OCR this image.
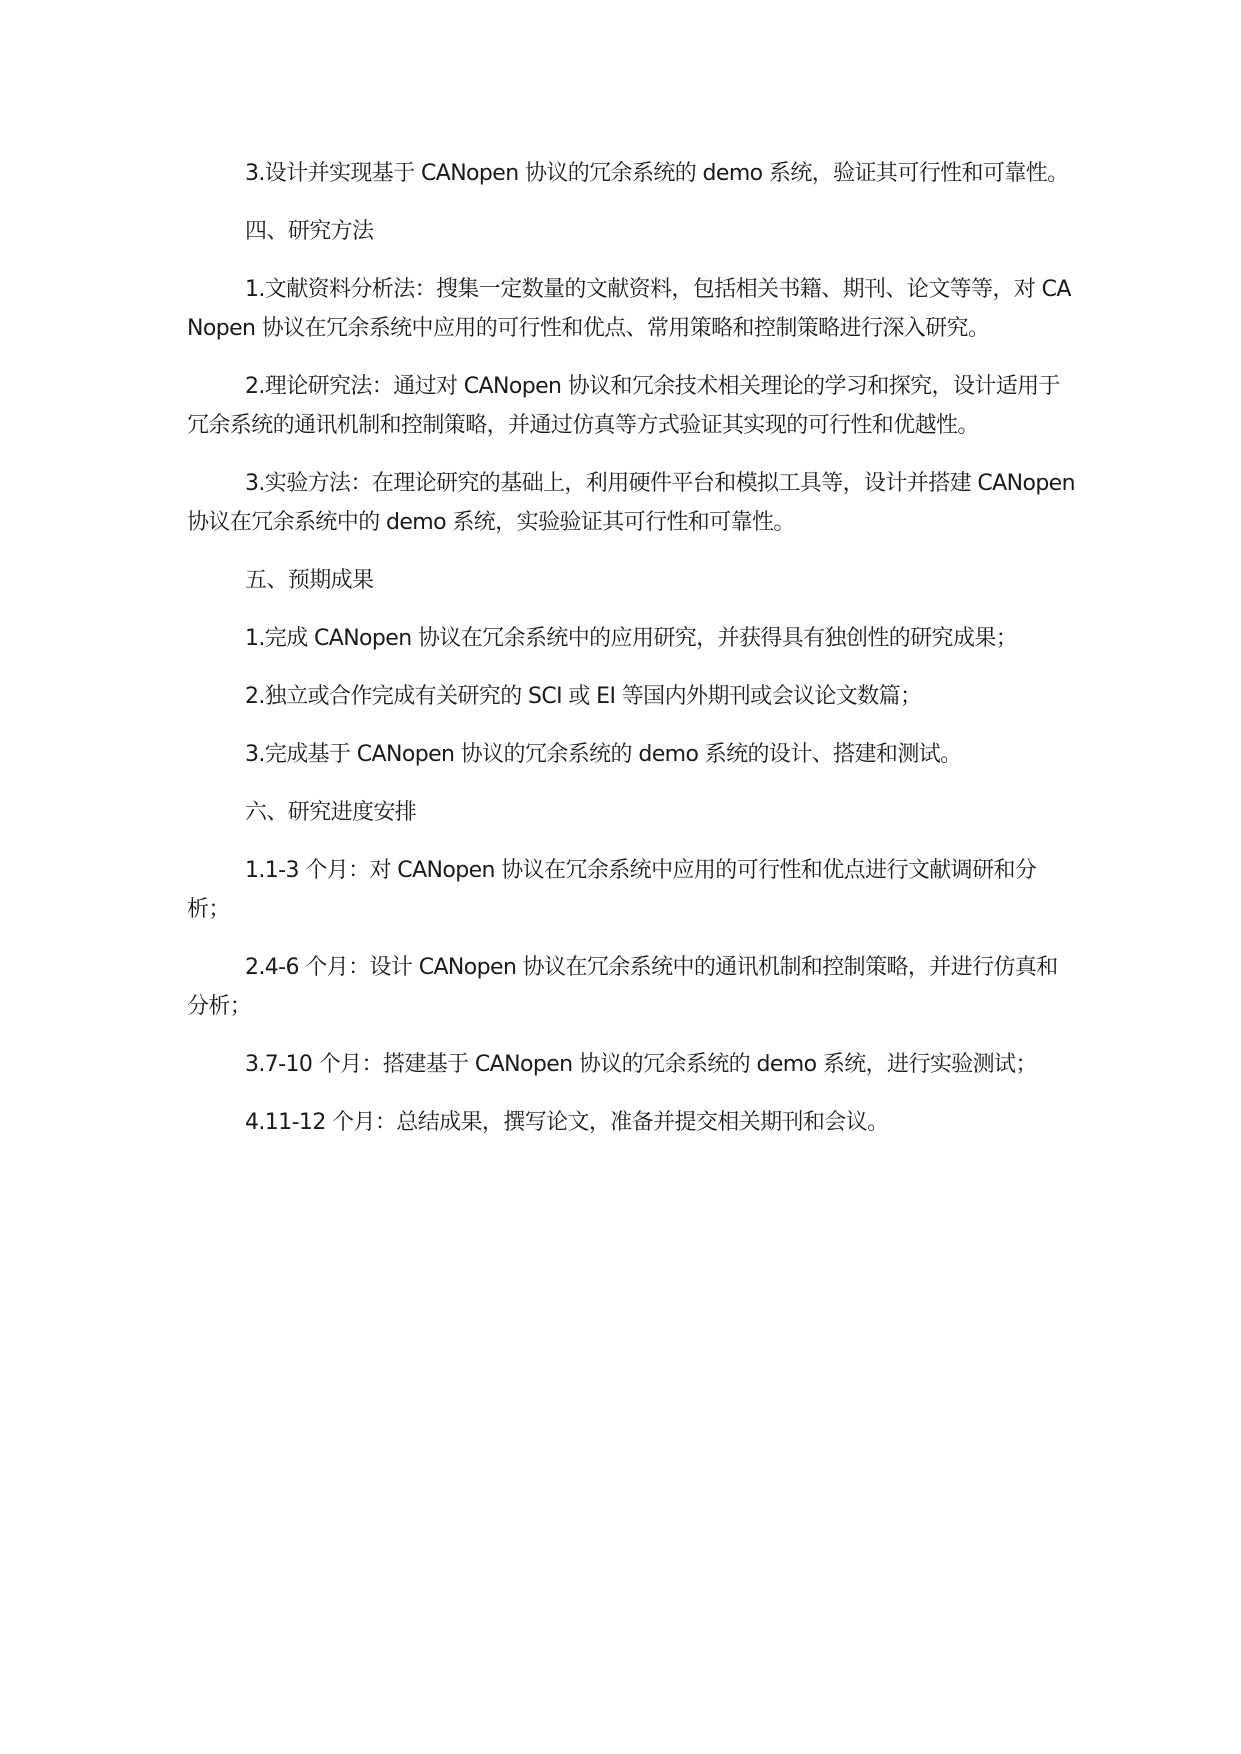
3.设计并实现基于 CANopen 协议的冗余系统的 demo 系统，验证其可行性和可靠性。

四、研究方法

1.文献资料分析法：搜集一定数量的文献资料，包括相关书籍、期刊、论文等等，对 CANopen 协议在冗余系统中应用的可行性和优点、常用策略和控制策略进行深入研究。

2.理论研究法：通过对 CANopen 协议和冗余技术相关理论的学习和探究，设计适用于冗余系统的通讯机制和控制策略，并通过仿真等方式验证其实现的可行性和优越性。

3.实验方法：在理论研究的基础上，利用硬件平台和模拟工具等，设计并搭建 CANopen 协议在冗余系统中的 demo 系统，实验验证其可行性和可靠性。

五、预期成果

1.完成 CANopen 协议在冗余系统中的应用研究，并获得具有独创性的研究成果；

2.独立或合作完成有关研究的 SCI 或 EI 等国内外期刊或会议论文数篇；

3.完成基于 CANopen 协议的冗余系统的 demo 系统的设计、搭建和测试。

六、研究进度安排

1.1-3 个月：对 CANopen 协议在冗余系统中应用的可行性和优点进行文献调研和分析；

2.4-6 个月：设计 CANopen 协议在冗余系统中的通讯机制和控制策略，并进行仿真和分析；

3.7-10 个月：搭建基于 CANopen 协议的冗余系统的 demo 系统，进行实验测试；

4.11-12 个月：总结成果，撰写论文，准备并提交相关期刊和会议。
